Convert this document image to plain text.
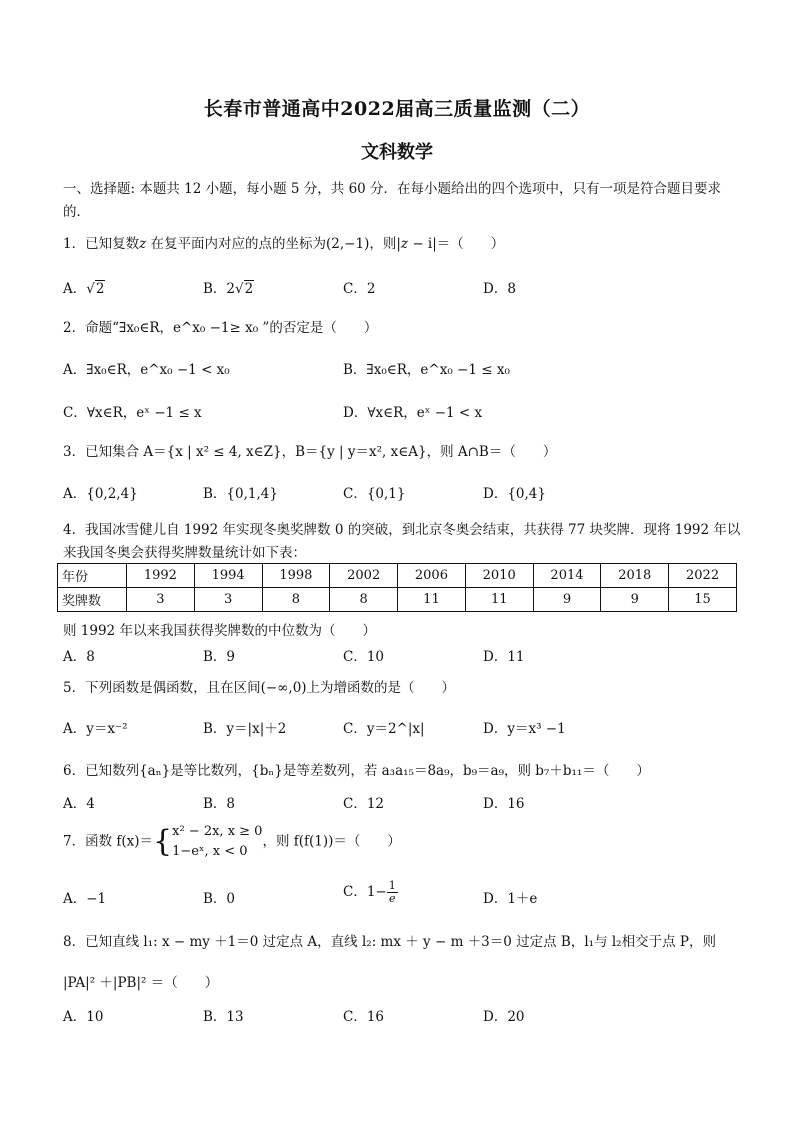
长春市普通高中2022届高三质量监测（二）
文科数学
一、选择题: 本题共 12 小题，每小题 5 分，共 60 分．在每小题给出的四个选项中，只有一项是符合题目要求
的．
1．已知复数z 在复平面内对应的点的坐标为(2,−1)，则|z − i|＝（　　）
A．√2	B．2√2	C．2	D．8
2．命题“∃x₀∈R，e^x₀ −1≥ x₀ ”的否定是（　　）
A．∃x₀∈R，e^x₀ −1 < x₀	B．∃x₀∈R，e^x₀ −1 ≤ x₀
C．∀x∈R，eˣ −1 ≤ x	D．∀x∈R，eˣ −1 < x
3．已知集合 A＝{x | x² ≤ 4, x∈Z}，B＝{y | y＝x², x∈A}，则 A∩B＝（　　）
A．{0,2,4}	B．{0,1,4}	C．{0,1}	D．{0,4}
4．我国冰雪健儿自 1992 年实现冬奥奖牌数 0 的突破，到北京冬奥会结束，共获得 77 块奖牌．现将 1992 年以
来我国冬奥会获得奖牌数量统计如下表：
年份	1992	1994	1998	2002	2006	2010	2014	2018	2022
奖牌数	3	3	8	8	11	11	9	9	15
则 1992 年以来我国获得奖牌数的中位数为（　　）
A．8	B．9	C．10	D．11
5．下列函数是偶函数，且在区间(−∞,0)上为增函数的是（　　）
A．y＝x⁻²	B．y＝|x|＋2	C．y＝2^|x|	D．y＝x³ −1
6．已知数列{aₙ}是等比数列，{bₙ}是等差数列，若 a₃a₁₅＝8a₉，b₉＝a₉，则 b₇＋b₁₁＝（　　）
A．4	B．8	C．12	D．16
7．函数 f(x)＝{ x² − 2x, x ≥ 0
1−eˣ, x < 0
，则 f(f(1))＝（　　）
A．−1	B．0	C．$1- \frac{1}{e}$	D．1＋e
8．已知直线 l₁: x − my ＋1＝0 过定点 A，直线 l₂: mx ＋ y − m ＋3＝0 过定点 B，l₁与 l₂相交于点 P，则
|PA|² ＋|PB|² ＝（　　）
A．10	B．13	C．16	D．20
